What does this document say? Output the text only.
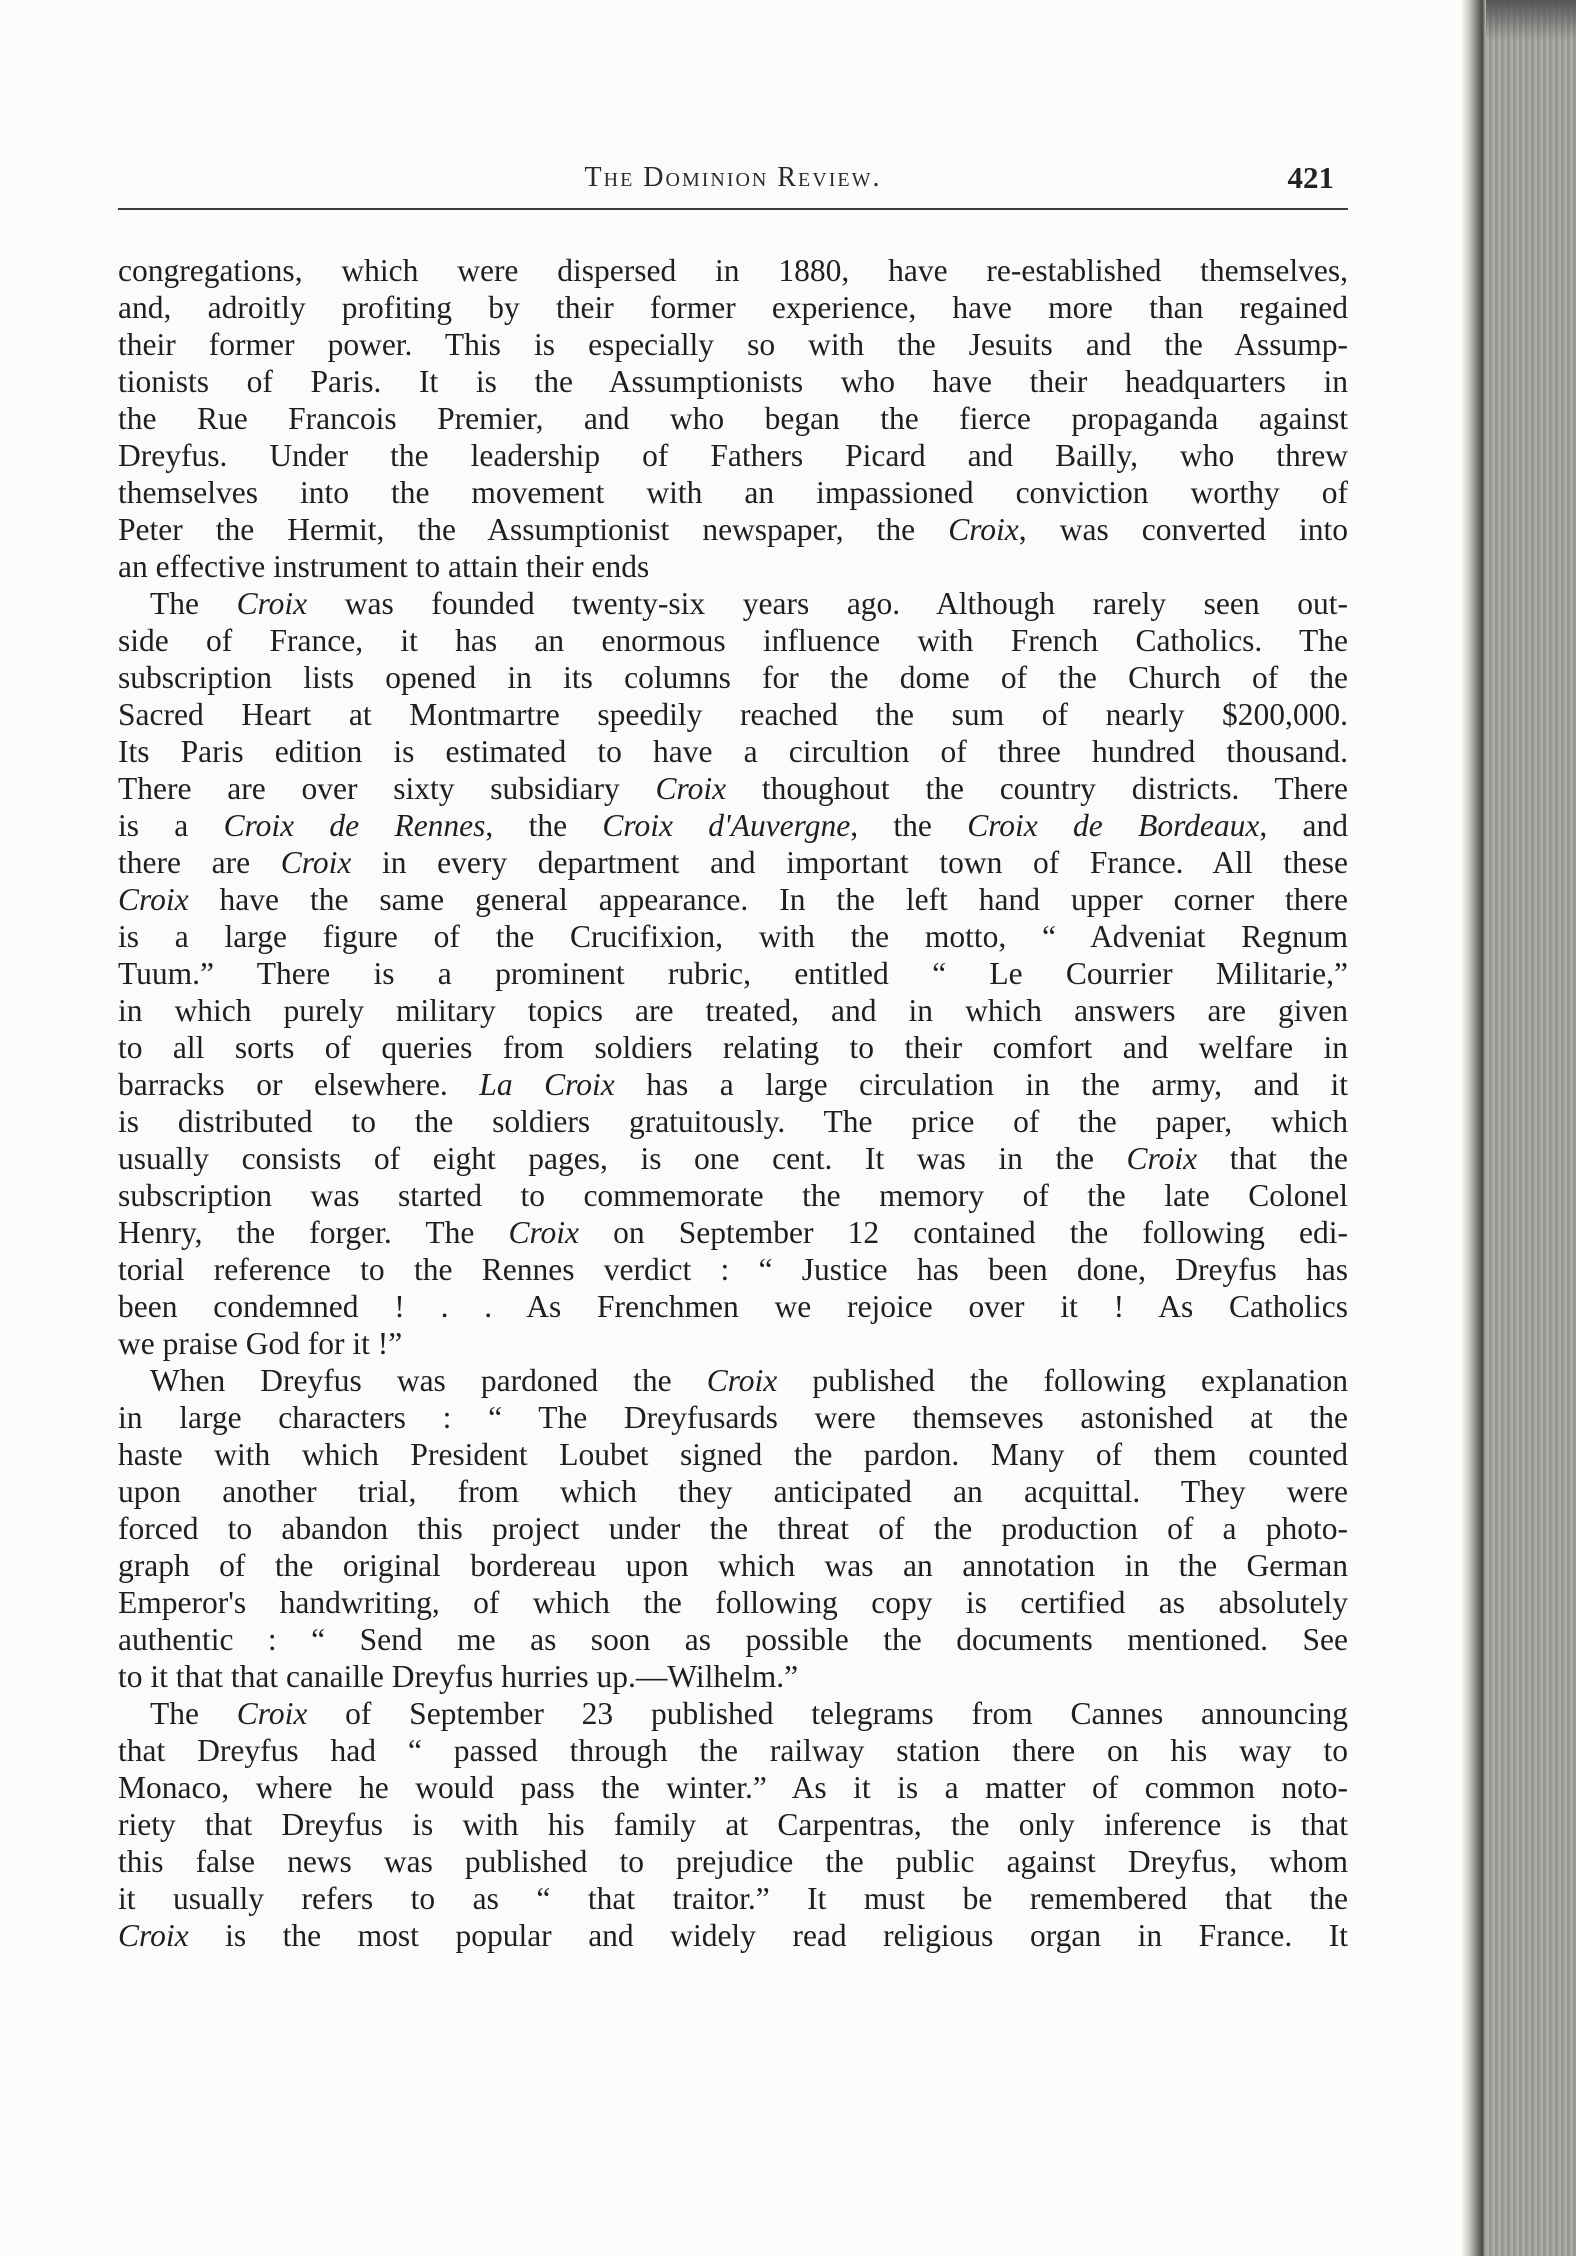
The Dominion Review.	421
congregations, which were dispersed in 1880, have re-established themselves,
and, adroitly profiting by their former experience, have more than regained
their former power. This is especially so with the Jesuits and the Assump-
tionists of Paris. It is the Assumptionists who have their headquarters in
the Rue Francois Premier, and who began the fierce propaganda against
Dreyfus. Under the leadership of Fathers Picard and Bailly, who threw
themselves into the movement with an impassioned conviction worthy of
Peter the Hermit, the Assumptionist newspaper, the Croix, was converted into
an effective instrument to attain their ends
The Croix was founded twenty-six years ago. Although rarely seen out-
side of France, it has an enormous influence with French Catholics. The
subscription lists opened in its columns for the dome of the Church of the
Sacred Heart at Montmartre speedily reached the sum of nearly $200,000.
Its Paris edition is estimated to have a circultion of three hundred thousand.
There are over sixty subsidiary Croix thoughout the country districts. There
is a Croix de Rennes, the Croix d'Auvergne, the Croix de Bordeaux, and
there are Croix in every department and important town of France. All these
Croix have the same general appearance. In the left hand upper corner there
is a large figure of the Crucifixion, with the motto, “ Adveniat Regnum
Tuum.” There is a prominent rubric, entitled “ Le Courrier Militarie,”
in which purely military topics are treated, and in which answers are given
to all sorts of queries from soldiers relating to their comfort and welfare in
barracks or elsewhere. La Croix has a large circulation in the army, and it
is distributed to the soldiers gratuitously. The price of the paper, which
usually consists of eight pages, is one cent. It was in the Croix that the
subscription was started to commemorate the memory of the late Colonel
Henry, the forger. The Croix on September 12 contained the following edi-
torial reference to the Rennes verdict : “ Justice has been done, Dreyfus has
been condemned ! . . As Frenchmen we rejoice over it ! As Catholics
we praise God for it !”
When Dreyfus was pardoned the Croix published the following explanation
in large characters : “ The Dreyfusards were themseves astonished at the
haste with which President Loubet signed the pardon. Many of them counted
upon another trial, from which they anticipated an acquittal. They were
forced to abandon this project under the threat of the production of a photo-
graph of the original bordereau upon which was an annotation in the German
Emperor's handwriting, of which the following copy is certified as absolutely
authentic : “ Send me as soon as possible the documents mentioned. See
to it that that canaille Dreyfus hurries up.—Wilhelm.”
The Croix of September 23 published telegrams from Cannes announcing
that Dreyfus had “ passed through the railway station there on his way to
Monaco, where he would pass the winter.” As it is a matter of common noto-
riety that Dreyfus is with his family at Carpentras, the only inference is that
this false news was published to prejudice the public against Dreyfus, whom
it usually refers to as “ that traitor.” It must be remembered that the
Croix is the most popular and widely read religious organ in France. It
